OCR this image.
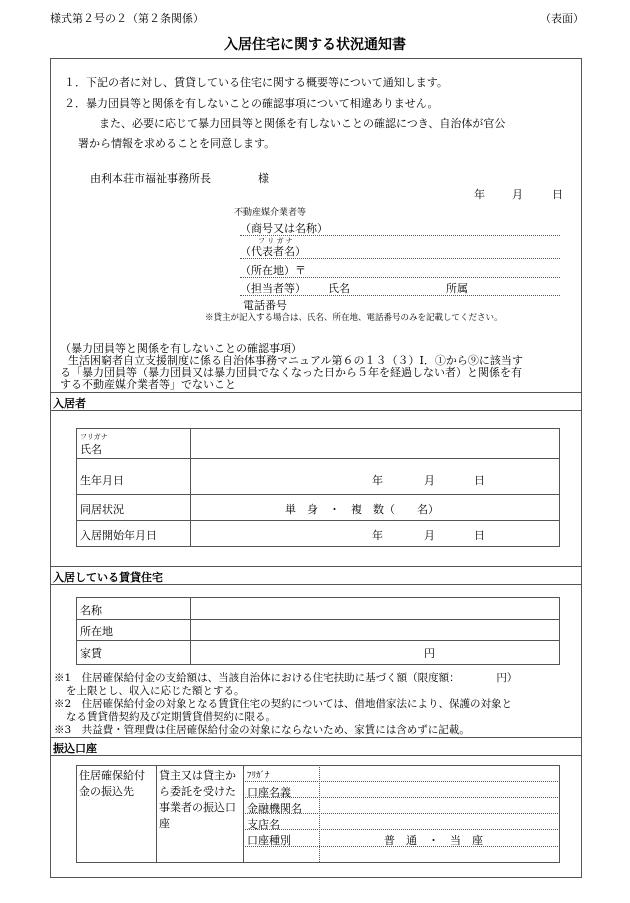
様式第２号の２（第２条関係）	（表面）
入居住宅に関する状況通知書
１．下記の者に対し、賃貸している住宅に関する概要等について通知します。
２．暴力団員等と関係を有しないことの確認事項について相違ありません。
また、必要に応じて暴力団員等と関係を有しないことの確認につき、自治体が官公
署から情報を求めることを同意します。
由利本荘市福祉事務所長	様
年 月	日
不動産媒介業者等
（商号又は名称）
フ リ ガ ナ
（代表者名）
（所在地）〒
（担当者等） 氏名	所属
電話番号
※貸主が記入する場合は、氏名、所在地、電話番号のみを記載してください。
（暴力団員等と関係を有しないことの確認事項）
生活困窮者自立支援制度に係る自治体事務マニュアル第６の１３（３）Ⅰ．①から⑨に該当す
る「暴力団員等（暴力団員又は暴力団員でなくなった日から５年を経過しない者）と関係を有
する不動産媒介業者等」でないこと
入居者
フリガナ
氏名
生年月日	年	月	日
同居状況	単　身　・　複　数（　　名）
入居開始年月日	年	月	日
入居している賃貸住宅
名称
所在地
家賃	円
※1　住居確保給付金の支給額は、当該自治体における住宅扶助に基づく額（限度額：　　　　円）
を上限とし、収入に応じた額とする。
※2　住居確保給付金の対象となる賃貸住宅の契約については、借地借家法により、保護の対象と
なる賃貸借契約及び定期賃貸借契約に限る。
※3　共益費・管理費は住居確保給付金の対象にならないため、家賃には含めずに記載。
振込口座
住居確保給付金の振込先
貸主又は貸主から委託を受けた事業者の振込口座
ﾌﾘｶﾞﾅ
口座名義
金融機関名
支店名
口座種別	普　通　・　当　座
